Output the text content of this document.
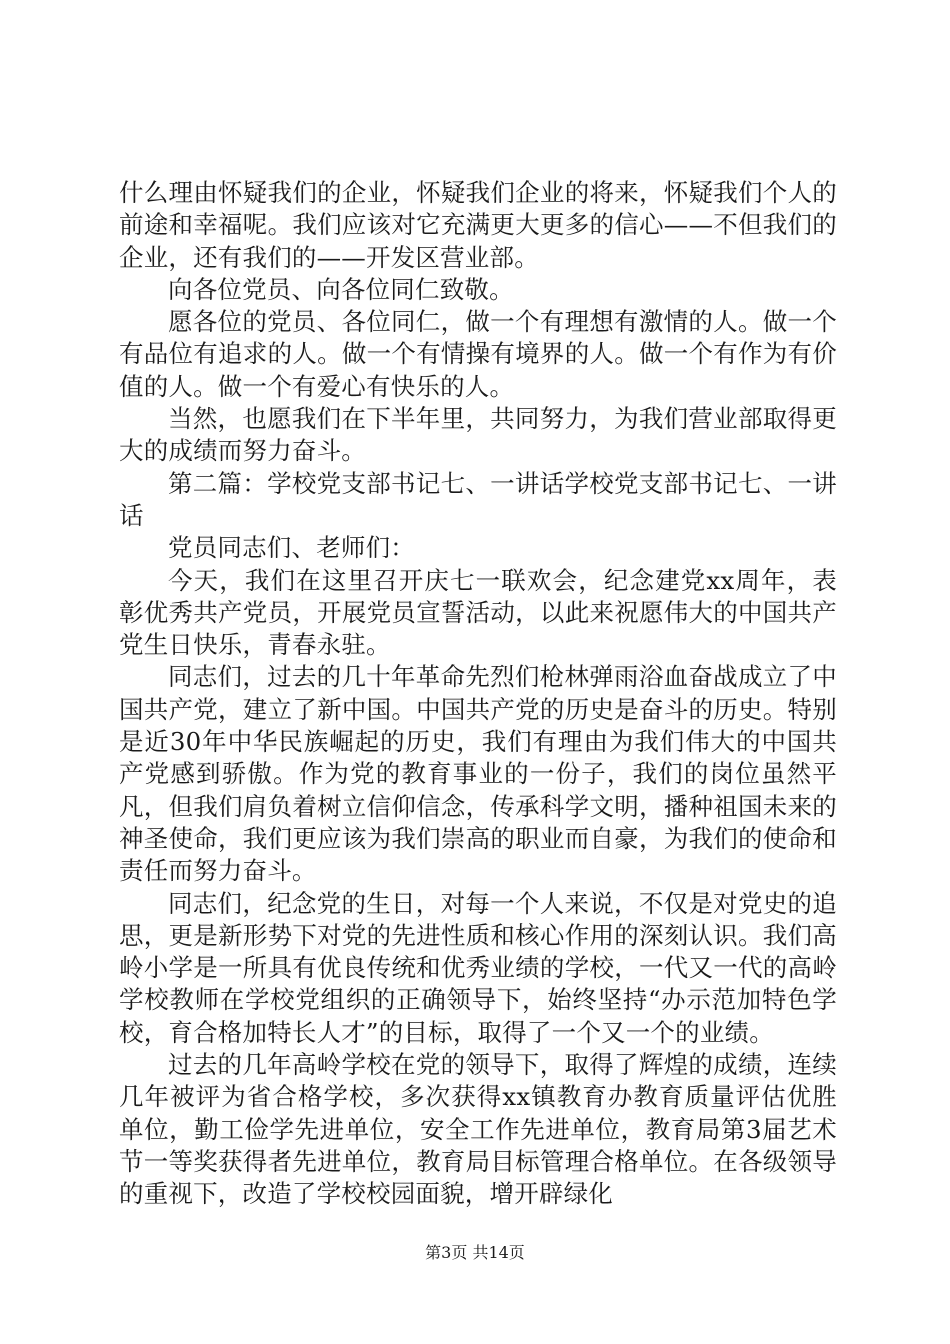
什么理由怀疑我们的企业，怀疑我们企业的将来，怀疑我们个人的前途和幸福呢。我们应该对它充满更大更多的信心——不但我们的企业，还有我们的——开发区营业部。

向各位党员、向各位同仁致敬。

愿各位的党员、各位同仁，做一个有理想有激情的人。做一个有品位有追求的人。做一个有情操有境界的人。做一个有作为有价值的人。做一个有爱心有快乐的人。

当然，也愿我们在下半年里，共同努力，为我们营业部取得更大的成绩而努力奋斗。

第二篇：学校党支部书记七、一讲话学校党支部书记七、一讲话

党员同志们、老师们：

今天，我们在这里召开庆七一联欢会，纪念建党xx周年，表彰优秀共产党员，开展党员宣誓活动，以此来祝愿伟大的中国共产党生日快乐，青春永驻。

同志们，过去的几十年革命先烈们枪林弹雨浴血奋战成立了中国共产党，建立了新中国。中国共产党的历史是奋斗的历史。特别是近30年中华民族崛起的历史，我们有理由为我们伟大的中国共产党感到骄傲。作为党的教育事业的一份子，我们的岗位虽然平凡，但我们肩负着树立信仰信念，传承科学文明，播种祖国未来的神圣使命，我们更应该为我们崇高的职业而自豪，为我们的使命和责任而努力奋斗。

同志们，纪念党的生日，对每一个人来说，不仅是对党史的追思，更是新形势下对党的先进性质和核心作用的深刻认识。我们高岭小学是一所具有优良传统和优秀业绩的学校，一代又一代的高岭学校教师在学校党组织的正确领导下，始终坚持“办示范加特色学校，育合格加特长人才”的目标，取得了一个又一个的业绩。

过去的几年高岭学校在党的领导下，取得了辉煌的成绩，连续几年被评为省合格学校，多次获得xx镇教育办教育质量评估优胜单位，勤工俭学先进单位，安全工作先进单位，教育局第3届艺术节一等奖获得者先进单位，教育局目标管理合格单位。在各级领导的重视下，改造了学校校园面貌，增开辟绿化

第3页 共14页
